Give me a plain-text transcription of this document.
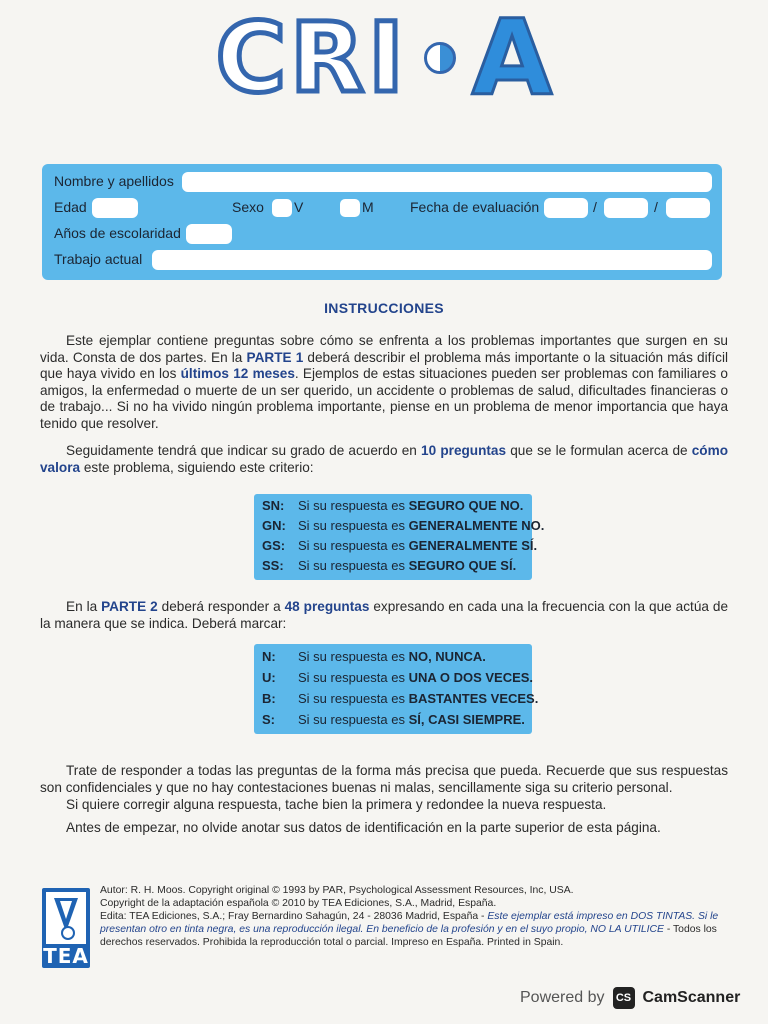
CRI A
Nombre y apellidos
Edad	Sexo V	M	Fecha de evaluación	/	/
Años de escolaridad
Trabajo actual
INSTRUCCIONES

Este ejemplar contiene preguntas sobre cómo se enfrenta a los problemas importantes que surgen en su vida. Consta de dos partes. En la PARTE 1 deberá describir el problema más importante o la situación más difícil que haya vivido en los últimos 12 meses. Ejemplos de estas situaciones pueden ser problemas con familiares o amigos, la enfermedad o muerte de un ser querido, un accidente o problemas de salud, dificultades financieras o de trabajo... Si no ha vivido ningún problema importante, piense en un problema de menor importancia que haya tenido que resolver.

Seguidamente tendrá que indicar su grado de acuerdo en 10 preguntas que se le formulan acerca de cómo valora este problema, siguiendo este criterio:

SN: Si su respuesta es SEGURO QUE NO.
GN: Si su respuesta es GENERALMENTE NO.
GS: Si su respuesta es GENERALMENTE SÍ.
SS: Si su respuesta es SEGURO QUE SÍ.

En la PARTE 2 deberá responder a 48 preguntas expresando en cada una la frecuencia con la que actúa de la manera que se indica. Deberá marcar:

N: Si su respuesta es NO, NUNCA.
U: Si su respuesta es UNA O DOS VECES.
B: Si su respuesta es BASTANTES VECES.
S: Si su respuesta es SÍ, CASI SIEMPRE.

Trate de responder a todas las preguntas de la forma más precisa que pueda. Recuerde que sus respuestas son confidenciales y que no hay contestaciones buenas ni malas, sencillamente siga su criterio personal.

Si quiere corregir alguna respuesta, tache bien la primera y redondee la nueva respuesta.

Antes de empezar, no olvide anotar sus datos de identificación en la parte superior de esta página.

TEA
Autor: R. H. Moos. Copyright original © 1993 by PAR, Psychological Assessment Resources, Inc, USA.
Copyright de la adaptación española © 2010 by TEA Ediciones, S.A., Madrid, España.
Edita: TEA Ediciones, S.A.; Fray Bernardino Sahagún, 24 - 28036 Madrid, España - Este ejemplar está impreso en DOS TINTAS. Si le presentan otro en tinta negra, es una reproducción ilegal. En beneficio de la profesión y en el suyo propio, NO LA UTILICE - Todos los derechos reservados. Prohibida la reproducción total o parcial. Impreso en España. Printed in Spain.
Powered by	CS CamScanner
